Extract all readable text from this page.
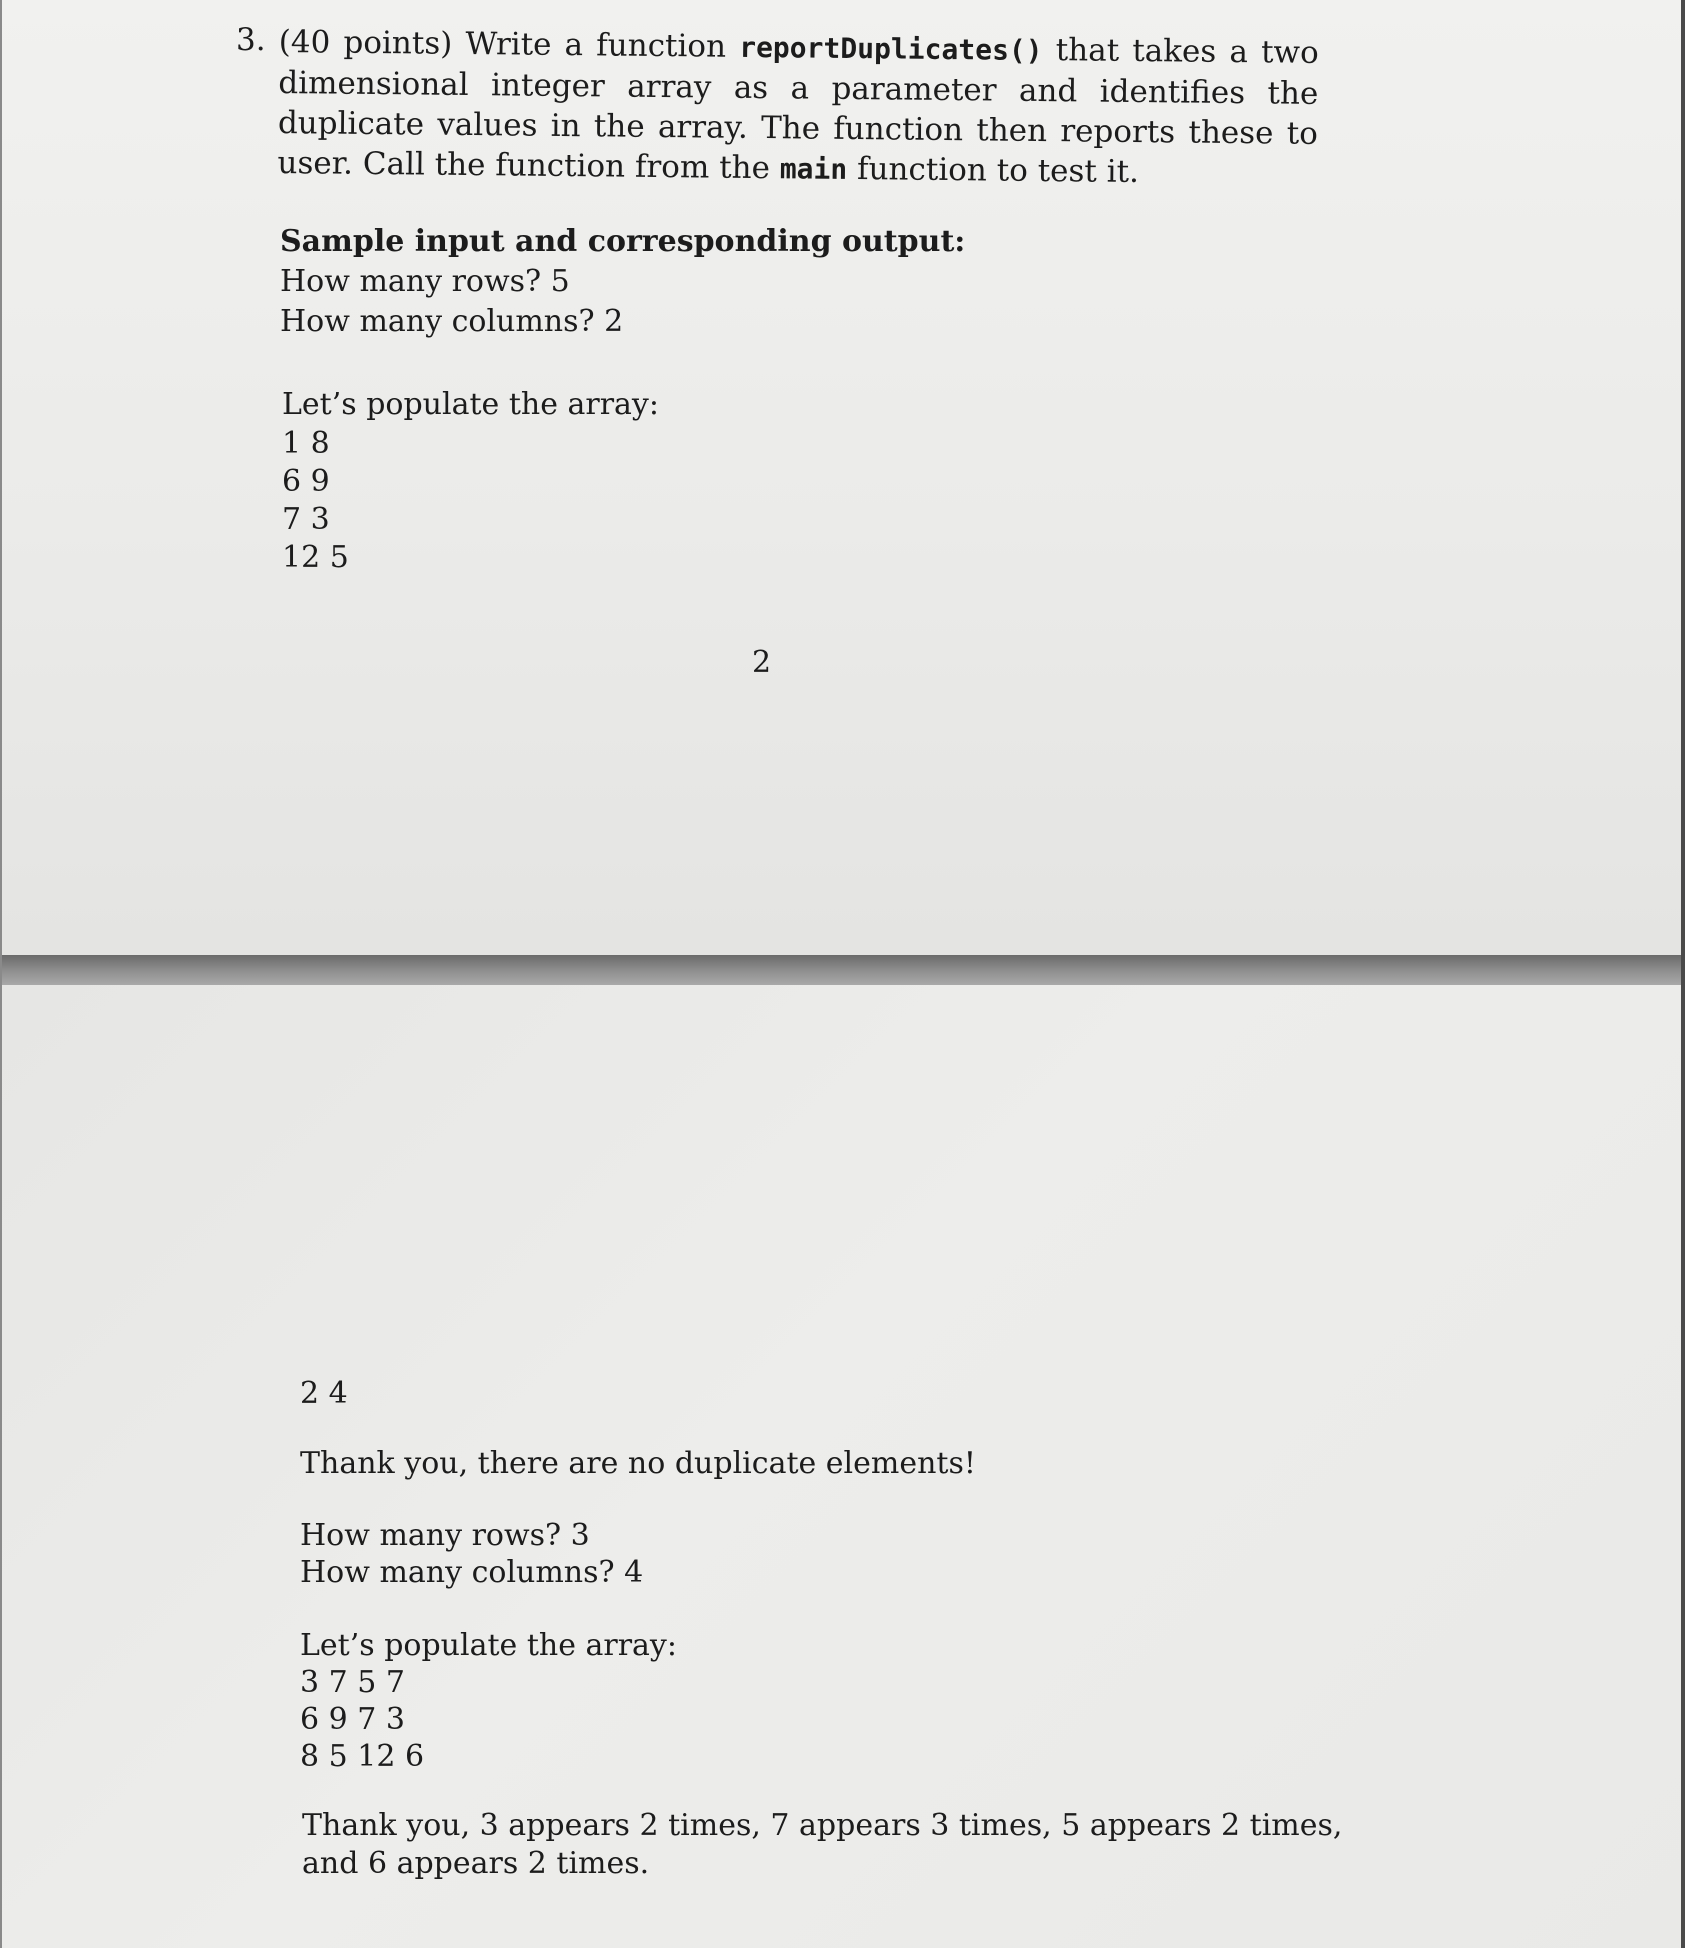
3. (40 points) Write a function reportDuplicates() that takes a two dimensional integer array as a parameter and identifies the duplicate values in the array. The function then reports these to user. Call the function from the main function to test it.
Sample input and corresponding output:
How many rows? 5
How many columns? 2
Let’s populate the array:
1 8
6 9
7 3
12 5
2
2 4
Thank you, there are no duplicate elements!
How many rows? 3
How many columns? 4
Let’s populate the array:
3 7 5 7
6 9 7 3
8 5 12 6
Thank you, 3 appears 2 times, 7 appears 3 times, 5 appears 2 times,
and 6 appears 2 times.
